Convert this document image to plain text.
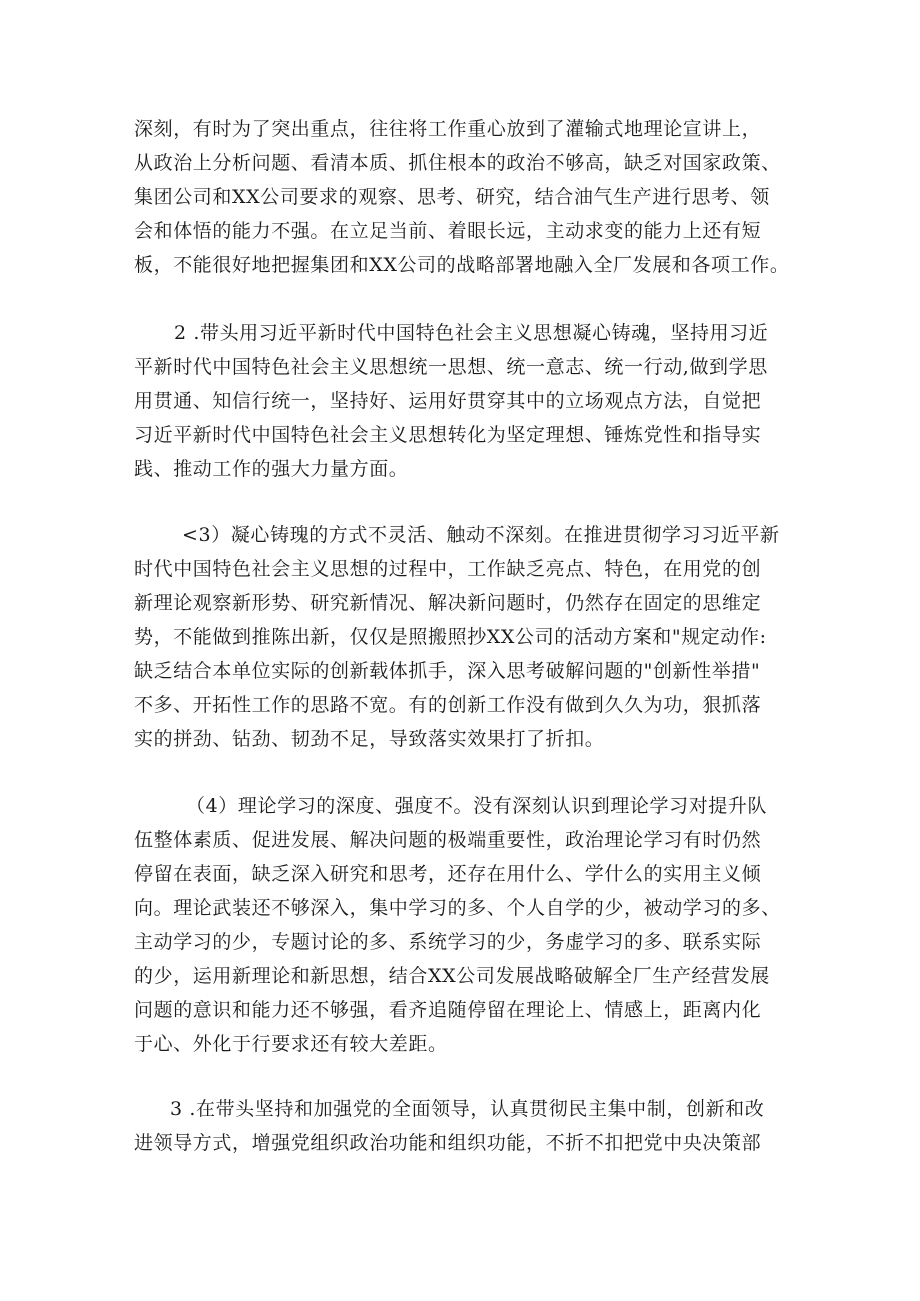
深刻，有时为了突出重点，往往将工作重心放到了灌输式地理论宣讲上，
从政治上分析问题、看清本质、抓住根本的政治不够高，缺乏对国家政策、
集团公司和XX公司要求的观察、思考、研究，结合油气生产进行思考、领
会和体悟的能力不强。在立足当前、着眼长远，主动求变的能力上还有短
板，不能很好地把握集团和XX公司的战略部署地融入全厂发展和各项工作。
2 .带头用习近平新时代中国特色社会主义思想凝心铸魂，坚持用习近
平新时代中国特色社会主义思想统一思想、统一意志、统一行动,做到学思
用贯通、知信行统一，坚持好、运用好贯穿其中的立场观点方法，自觉把
习近平新时代中国特色社会主义思想转化为坚定理想、锤炼党性和指导实
践、推动工作的强大力量方面。
<3）凝心铸瑰的方式不灵活、触动不深刻。在推进贯彻学习习近平新
时代中国特色社会主义思想的过程中，工作缺乏亮点、特色，在用党的创
新理论观察新形势、研究新情况、解决新问题时，仍然存在固定的思维定
势，不能做到推陈出新，仅仅是照搬照抄XX公司的活动方案和"规定动作:
缺乏结合本单位实际的创新载体抓手，深入思考破解问题的"创新性举措"
不多、开拓性工作的思路不宽。有的创新工作没有做到久久为功，狠抓落
实的拼劲、钻劲、韧劲不足，导致落实效果打了折扣。
（4）理论学习的深度、强度不。没有深刻认识到理论学习对提升队
伍整体素质、促进发展、解决问题的极端重要性，政治理论学习有时仍然
停留在表面，缺乏深入研究和思考，还存在用什么、学什么的实用主义倾
向。理论武装还不够深入，集中学习的多、个人自学的少，被动学习的多、
主动学习的少，专题讨论的多、系统学习的少，务虚学习的多、联系实际
的少，运用新理论和新思想，结合XX公司发展战略破解全厂生产经营发展
问题的意识和能力还不够强，看齐追随停留在理论上、情感上，距离内化
于心、外化于行要求还有较大差距。
3 .在带头坚持和加强党的全面领导，认真贯彻民主集中制，创新和改
进领导方式，增强党组织政治功能和组织功能，不折不扣把党中央决策部
